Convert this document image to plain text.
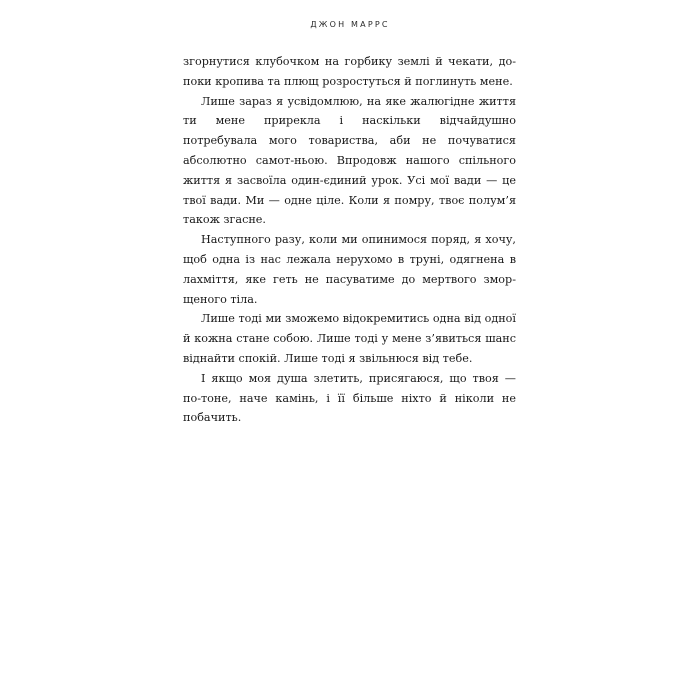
ДЖОН МАРРС

згорнутися клубочком на горбику землі й чекати, до-поки кропива та плющ розростуться й поглинуть мене.

Лише зараз я усвідомлюю, на яке жалюгідне життя ти мене прирекла і наскільки відчайдушно потребувала мого товариства, аби не почуватися абсолютно самот-ньою. Впродовж нашого спільного життя я засвоїла один-єдиний урок. Усі мої вади — це твої вади. Ми — одне ціле. Коли я помру, твоє полум’я також згасне.

Наступного разу, коли ми опинимося поряд, я хочу, щоб одна із нас лежала нерухомо в труні, одягнена в лахміття, яке геть не пасуватиме до мертвого змор-щеного тіла.

Лише тоді ми зможемо відокремитись одна від одної й кожна стане собою. Лише тоді у мене з’явиться шанс віднайти спокій. Лише тоді я звільнюся від тебе.

І якщо моя душа злетить, присягаюся, що твоя — по-тоне, наче камінь, і її більше ніхто й ніколи не побачить.
